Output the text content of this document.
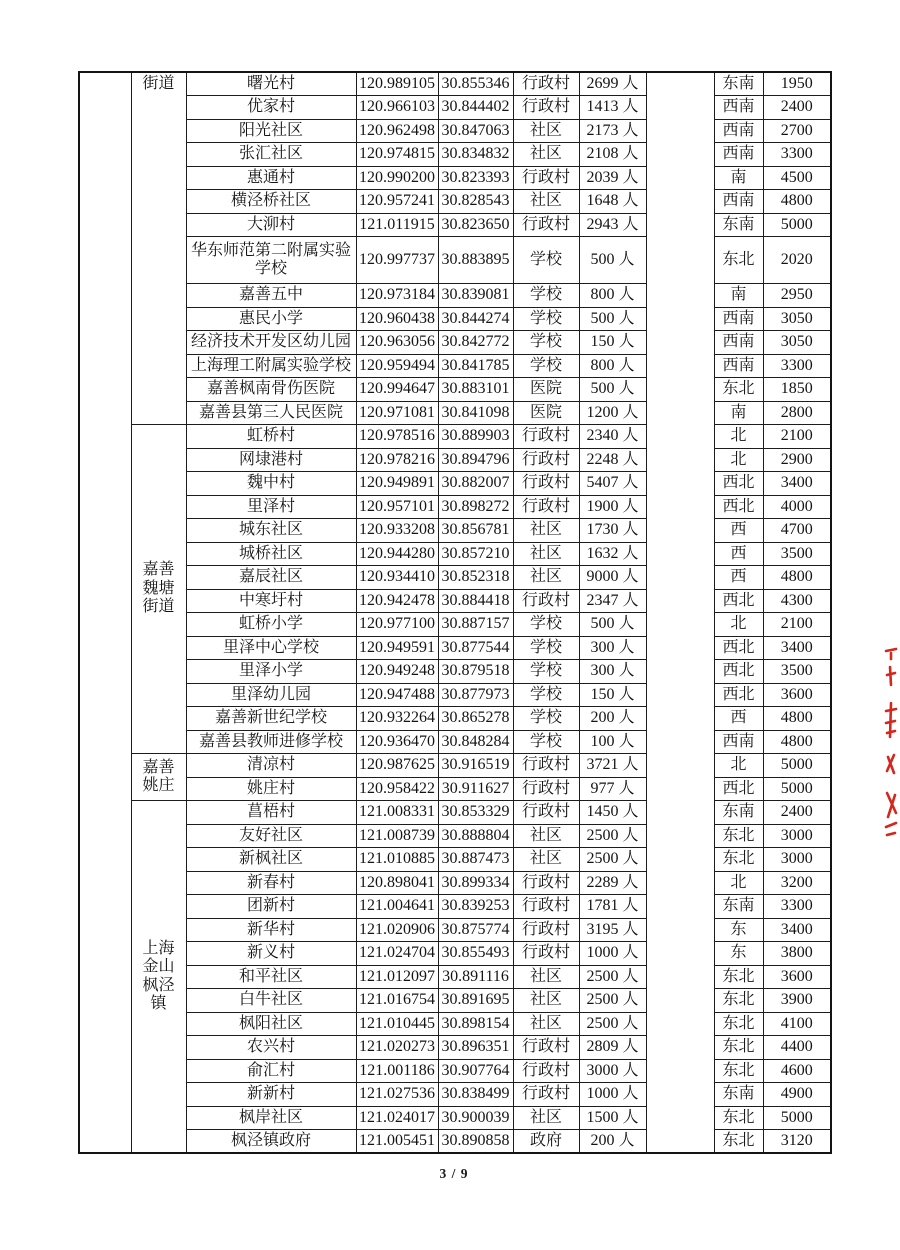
	街道	曙光村	120.989105	30.855346	行政村	2699 人		东南	1950
		优家村	120.966103	30.844402	行政村	1413 人		西南	2400
		阳光社区	120.962498	30.847063	社区	2173 人		西南	2700
		张汇社区	120.974815	30.834832	社区	2108 人		西南	3300
		惠通村	120.990200	30.823393	行政村	2039 人		南	4500
		横泾桥社区	120.957241	30.828543	社区	1648 人		西南	4800
		大泖村	121.011915	30.823650	行政村	2943 人		东南	5000
		华东师范第二附属实验学校	120.997737	30.883895	学校	500 人		东北	2020
		嘉善五中	120.973184	30.839081	学校	800 人		南	2950
		惠民小学	120.960438	30.844274	学校	500 人		西南	3050
		经济技术开发区幼儿园	120.963056	30.842772	学校	150 人		西南	3050
		上海理工附属实验学校	120.959494	30.841785	学校	800 人		西南	3300
		嘉善枫南骨伤医院	120.994647	30.883101	医院	500 人		东北	1850
		嘉善县第三人民医院	120.971081	30.841098	医院	1200 人		南	2800
	嘉善
魏塘
街道	虹桥村	120.978516	30.889903	行政村	2340 人		北	2100
		网埭港村	120.978216	30.894796	行政村	2248 人		北	2900
		魏中村	120.949891	30.882007	行政村	5407 人		西北	3400
		里泽村	120.957101	30.898272	行政村	1900 人		西北	4000
		城东社区	120.933208	30.856781	社区	1730 人		西	4700
		城桥社区	120.944280	30.857210	社区	1632 人		西	3500
		嘉辰社区	120.934410	30.852318	社区	9000 人		西	4800
		中寒圩村	120.942478	30.884418	行政村	2347 人		西北	4300
		虹桥小学	120.977100	30.887157	学校	500 人		北	2100
		里泽中心学校	120.949591	30.877544	学校	300 人		西北	3400
		里泽小学	120.949248	30.879518	学校	300 人		西北	3500
		里泽幼儿园	120.947488	30.877973	学校	150 人		西北	3600
		嘉善新世纪学校	120.932264	30.865278	学校	200 人		西	4800
		嘉善县教师进修学校	120.936470	30.848284	学校	100 人		西南	4800
	嘉善
姚庄	清凉村	120.987625	30.916519	行政村	3721 人		北	5000
		姚庄村	120.958422	30.911627	行政村	977 人		西北	5000
	上海
金山
枫泾
镇	菖梧村	121.008331	30.853329	行政村	1450 人		东南	2400
		友好社区	121.008739	30.888804	社区	2500 人		东北	3000
		新枫社区	121.010885	30.887473	社区	2500 人		东北	3000
		新春村	120.898041	30.899334	行政村	2289 人		北	3200
		团新村	121.004641	30.839253	行政村	1781 人		东南	3300
		新华村	121.020906	30.875774	行政村	3195 人		东	3400
		新义村	121.024704	30.855493	行政村	1000 人		东	3800
		和平社区	121.012097	30.891116	社区	2500 人		东北	3600
		白牛社区	121.016754	30.891695	社区	2500 人		东北	3900
		枫阳社区	121.010445	30.898154	社区	2500 人		东北	4100
		农兴村	121.020273	30.896351	行政村	2809 人		东北	4400
		俞汇村	121.001186	30.907764	行政村	3000 人		东北	4600
		新新村	121.027536	30.838499	行政村	1000 人		东南	4900
		枫岸社区	121.024017	30.900039	社区	1500 人		东北	5000
		枫泾镇政府	121.005451	30.890858	政府	200 人		东北	3120
3 / 9
